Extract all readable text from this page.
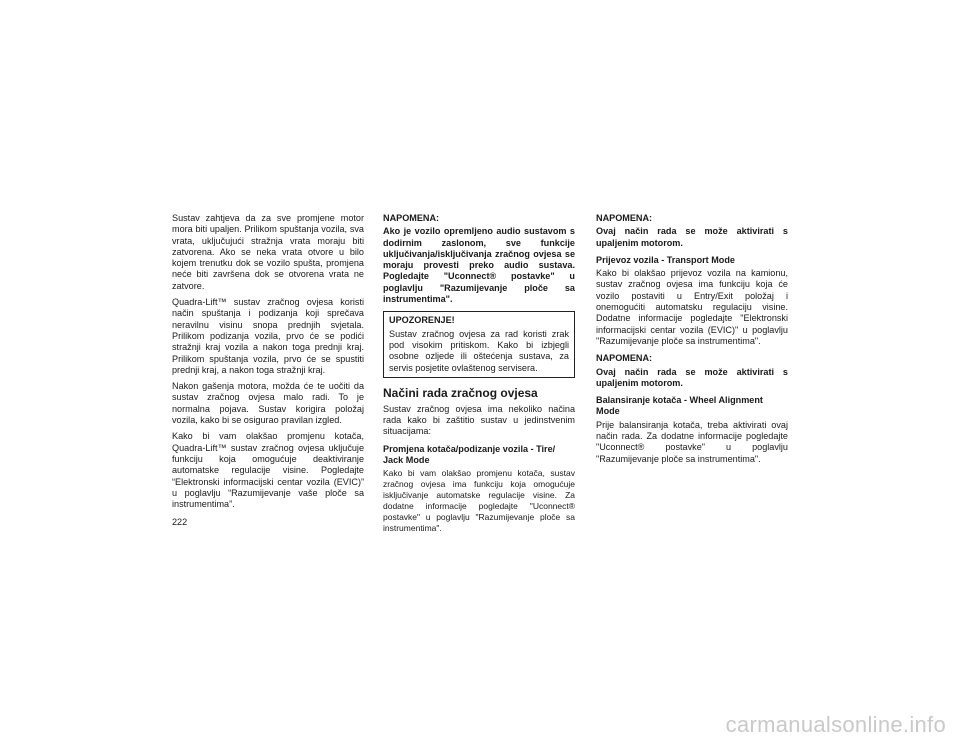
Sustav zahtjeva da za sve promjene motor mora biti upaljen. Prilikom spuštanja vozila, sva vrata, uključujući stražnja vrata moraju biti zatvorena. Ako se neka vrata otvore u bilo kojem trenutku dok se vozilo spušta, promjena neće biti završena dok se otvorena vrata ne zatvore.

Quadra-Lift™ sustav zračnog ovjesa koristi način spuštanja i podizanja koji sprečava neravilnu visinu snopa prednjih svjetala. Prilikom podizanja vozila, prvo će se podići stražnji kraj vozila a nakon toga prednji kraj. Prilikom spuštanja vozila, prvo će se spustiti prednji kraj, a nakon toga stražnji kraj.

Nakon gašenja motora, možda će te uočiti da sustav zračnog ovjesa malo radi. To je normalna pojava. Sustav korigira položaj vozila, kako bi se osigurao pravilan izgled.

Kako bi vam olakšao promjenu kotača, Quadra-Lift™ sustav zračnog ovjesa uključuje funkciju koja omogućuje deaktiviranje automatske regulacije visine. Pogledajte “Elektronski informacijski centar vozila (EVIC)” u poglavlju “Razumijevanje vaše ploče sa instrumentima”.

NAPOMENA:

Ako je vozilo opremljeno audio sustavom s dodirnim zaslonom, sve funkcije uključivanja/isključivanja zračnog ovjesa se moraju provesti preko audio sustava. Pogledajte "Uconnect® postavke" u poglavlju "Razumijevanje ploče sa instrumentima".

UPOZORENJE!

Sustav zračnog ovjesa za rad koristi zrak pod visokim pritiskom. Kako bi izbjegli osobne ozljede ili oštećenja sustava, za servis posjetite ovlaštenog servisera.

Načini rada zračnog ovjesa

Sustav zračnog ovjesa ima nekoliko načina rada kako bi zaštitio sustav u jedinstvenim situacijama:

Promjena kotača/podizanje vozila - Tire/ Jack Mode

Kako bi vam olakšao promjenu kotača, sustav zračnog ovjesa ima funkciju koja omogućuje isključivanje automatske regulacije visine. Za dodatne informacije pogledajte "Uconnect® postavke" u poglavlju "Razumijevanje ploče sa instrumentima".

NAPOMENA:

Ovaj način rada se može aktivirati s upaljenim motorom.

Prijevoz vozila - Transport Mode

Kako bi olakšao prijevoz vozila na kamionu, sustav zračnog ovjesa ima funkciju koja će vozilo postaviti u Entry/Exit položaj i onemogućiti automatsku regulaciju visine. Dodatne informacije pogledajte "Elektronski informacijski centar vozila (EVIC)" u poglavlju "Razumijevanje ploče sa instrumentima".

NAPOMENA:

Ovaj način rada se može aktivirati s upaljenim motorom.

Balansiranje kotača - Wheel Alignment Mode

Prije balansiranja kotača, treba aktivirati ovaj način rada. Za dodatne informacije pogledajte "Uconnect® postavke" u poglavlju "Razumijevanje ploče sa instrumentima".

222
carmanualsonline.info
